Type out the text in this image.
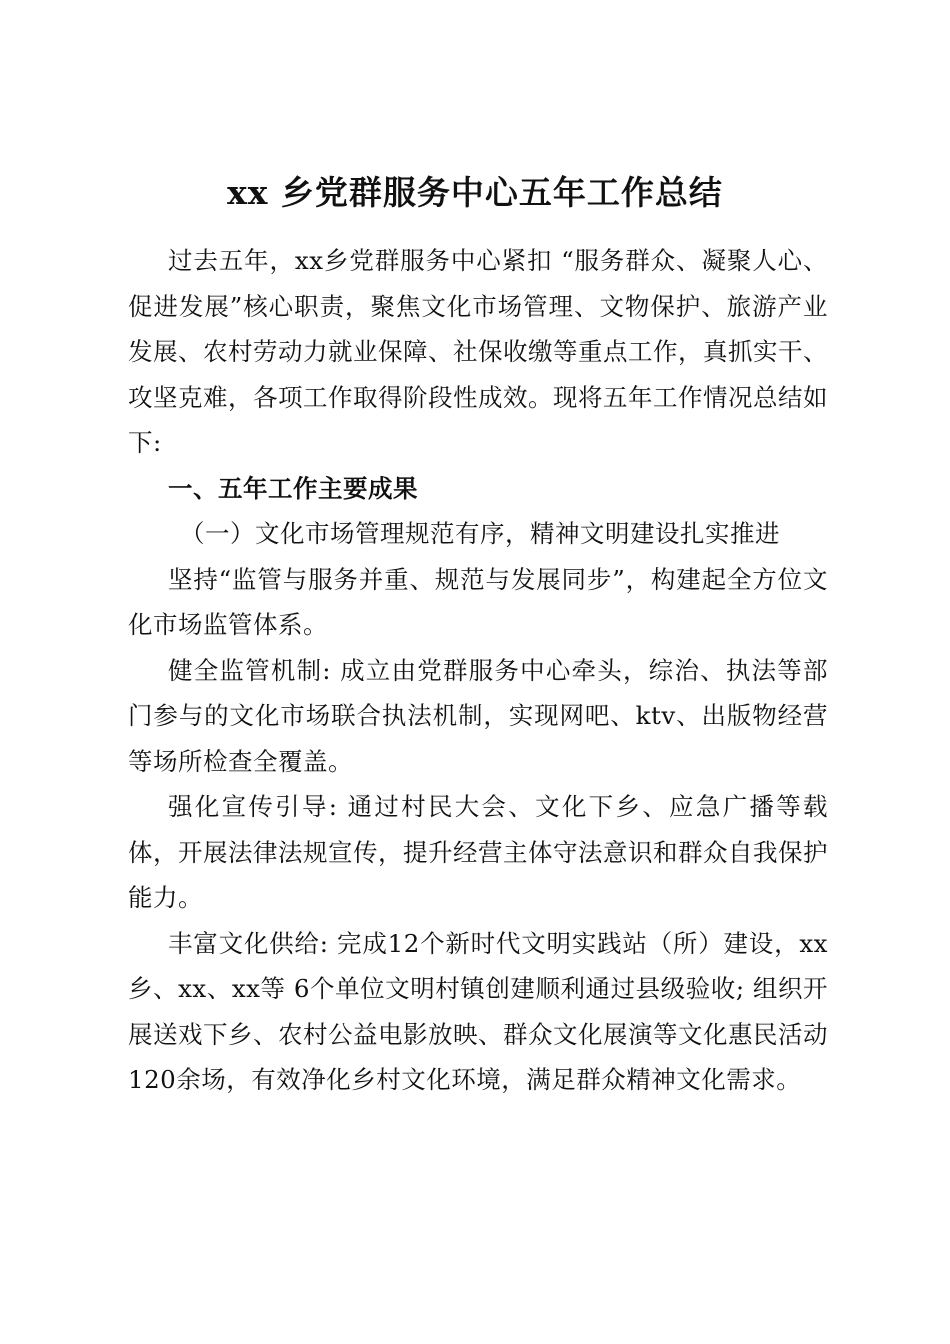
xx 乡党群服务中心五年工作总结

过去五年，xx乡党群服务中心紧扣 “服务群众、凝聚人心、促进发展”核心职责，聚焦文化市场管理、文物保护、旅游产业发展、农村劳动力就业保障、社保收缴等重点工作，真抓实干、攻坚克难，各项工作取得阶段性成效。现将五年工作情况总结如下:

一、五年工作主要成果

（一）文化市场管理规范有序，精神文明建设扎实推进

坚持“监管与服务并重、规范与发展同步”，构建起全方位文化市场监管体系。

健全监管机制: 成立由党群服务中心牵头，综治、执法等部门参与的文化市场联合执法机制，实现网吧、ktv、出版物经营等场所检查全覆盖。

强化宣传引导: 通过村民大会、文化下乡、应急广播等载体，开展法律法规宣传，提升经营主体守法意识和群众自我保护能力。

丰富文化供给: 完成12个新时代文明实践站（所）建设，xx乡、xx、xx等 6个单位文明村镇创建顺利通过县级验收; 组织开展送戏下乡、农村公益电影放映、群众文化展演等文化惠民活动120余场，有效净化乡村文化环境，满足群众精神文化需求。
